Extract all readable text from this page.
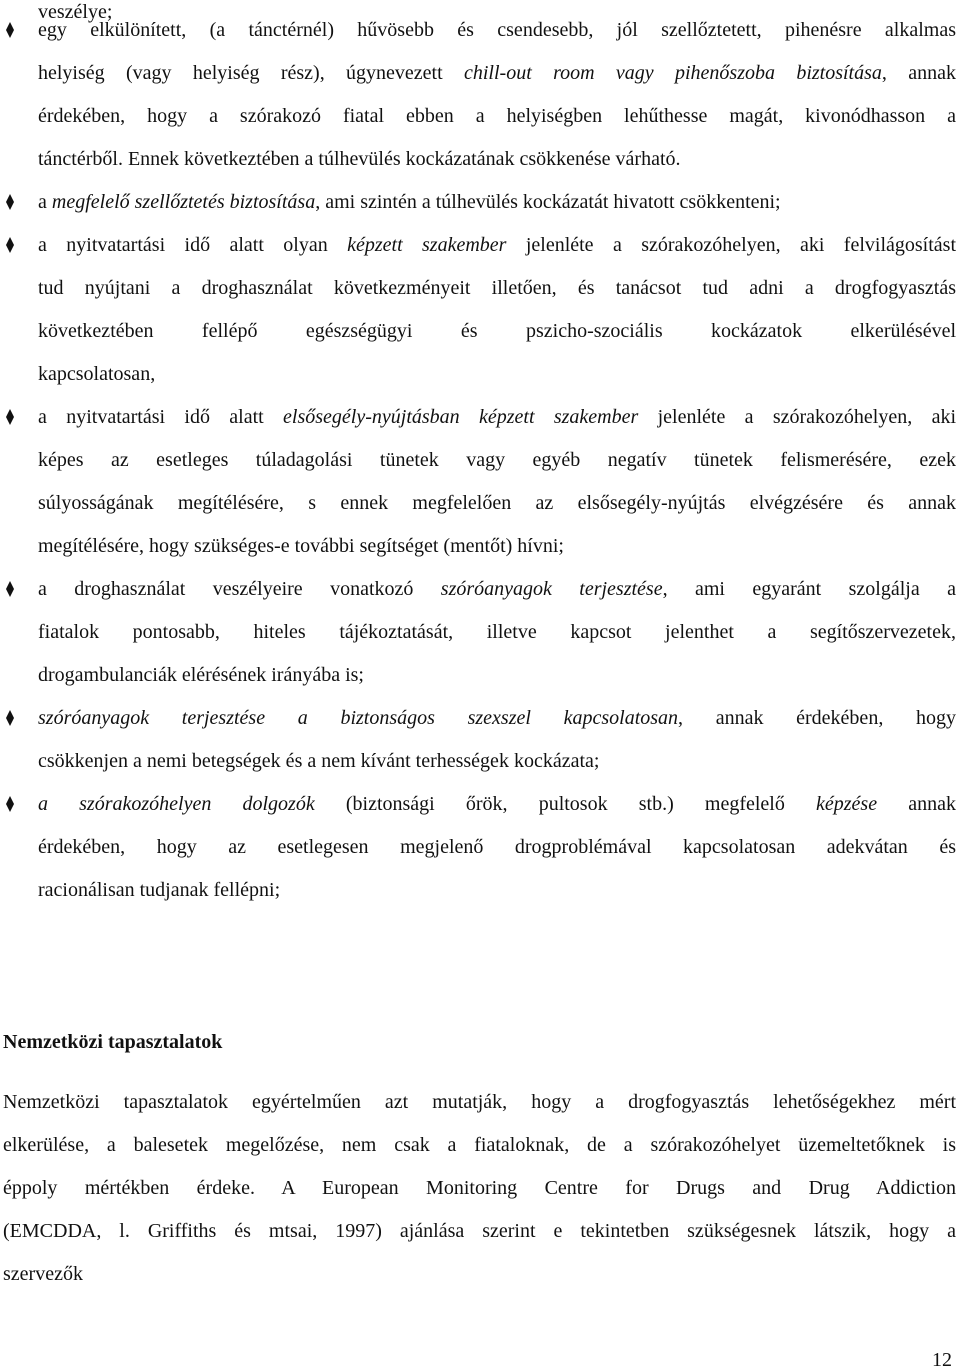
veszélye;
egy elkülönített, (a tánctérnél) hűvösebb és csendesebb, jól szellőztetett, pihenésre alkalmas
helyiség (vagy helyiség rész), úgynevezett chill-out room vagy pihenőszoba biztosítása, annak
érdekében, hogy a szórakozó fiatal ebben a helyiségben lehűthesse magát, kivonódhasson a
tánctérből. Ennek következtében a túlhevülés kockázatának csökkenése várható.
a megfelelő szellőztetés biztosítása, ami szintén a túlhevülés kockázatát hivatott csökkenteni;
a nyitvatartási idő alatt olyan képzett szakember jelenléte a szórakozóhelyen, aki felvilágosítást
tud nyújtani a droghasználat következményeit illetően, és tanácsot tud adni a drogfogyasztás
következtében fellépő egészségügyi és pszicho-szociális kockázatok elkerülésével
kapcsolatosan,
a nyitvatartási idő alatt elsősegély-nyújtásban képzett szakember jelenléte a szórakozóhelyen, aki
képes az esetleges túladagolási tünetek vagy egyéb negatív tünetek felismerésére, ezek
súlyosságának megítélésére, s ennek megfelelően az elsősegély-nyújtás elvégzésére és annak
megítélésére, hogy szükséges-e további segítséget (mentőt) hívni;
a droghasználat veszélyeire vonatkozó szóróanyagok terjesztése, ami egyaránt szolgálja a
fiatalok pontosabb, hiteles tájékoztatását, illetve kapcsot jelenthet a segítőszervezetek,
drogambulanciák elérésének irányába is;
szóróanyagok terjesztése a biztonságos szexszel kapcsolatosan, annak érdekében, hogy
csökkenjen a nemi betegségek és a nem kívánt terhességek kockázata;
a szórakozóhelyen dolgozók (biztonsági őrök, pultosok stb.) megfelelő képzése annak
érdekében, hogy az esetlegesen megjelenő drogproblémával kapcsolatosan adekvátan és
racionálisan tudjanak fellépni;
Nemzetközi tapasztalatok
Nemzetközi tapasztalatok egyértelműen azt mutatják, hogy a drogfogyasztás lehetőségekhez mért
elkerülése, a balesetek megelőzése, nem csak a fiataloknak, de a szórakozóhelyet üzemeltetőknek is
éppoly mértékben érdeke. A European Monitoring Centre for Drugs and Drug Addiction
(EMCDDA, l. Griffiths és mtsai, 1997) ajánlása szerint e tekintetben szükségesnek látszik, hogy a
szervezők
12
